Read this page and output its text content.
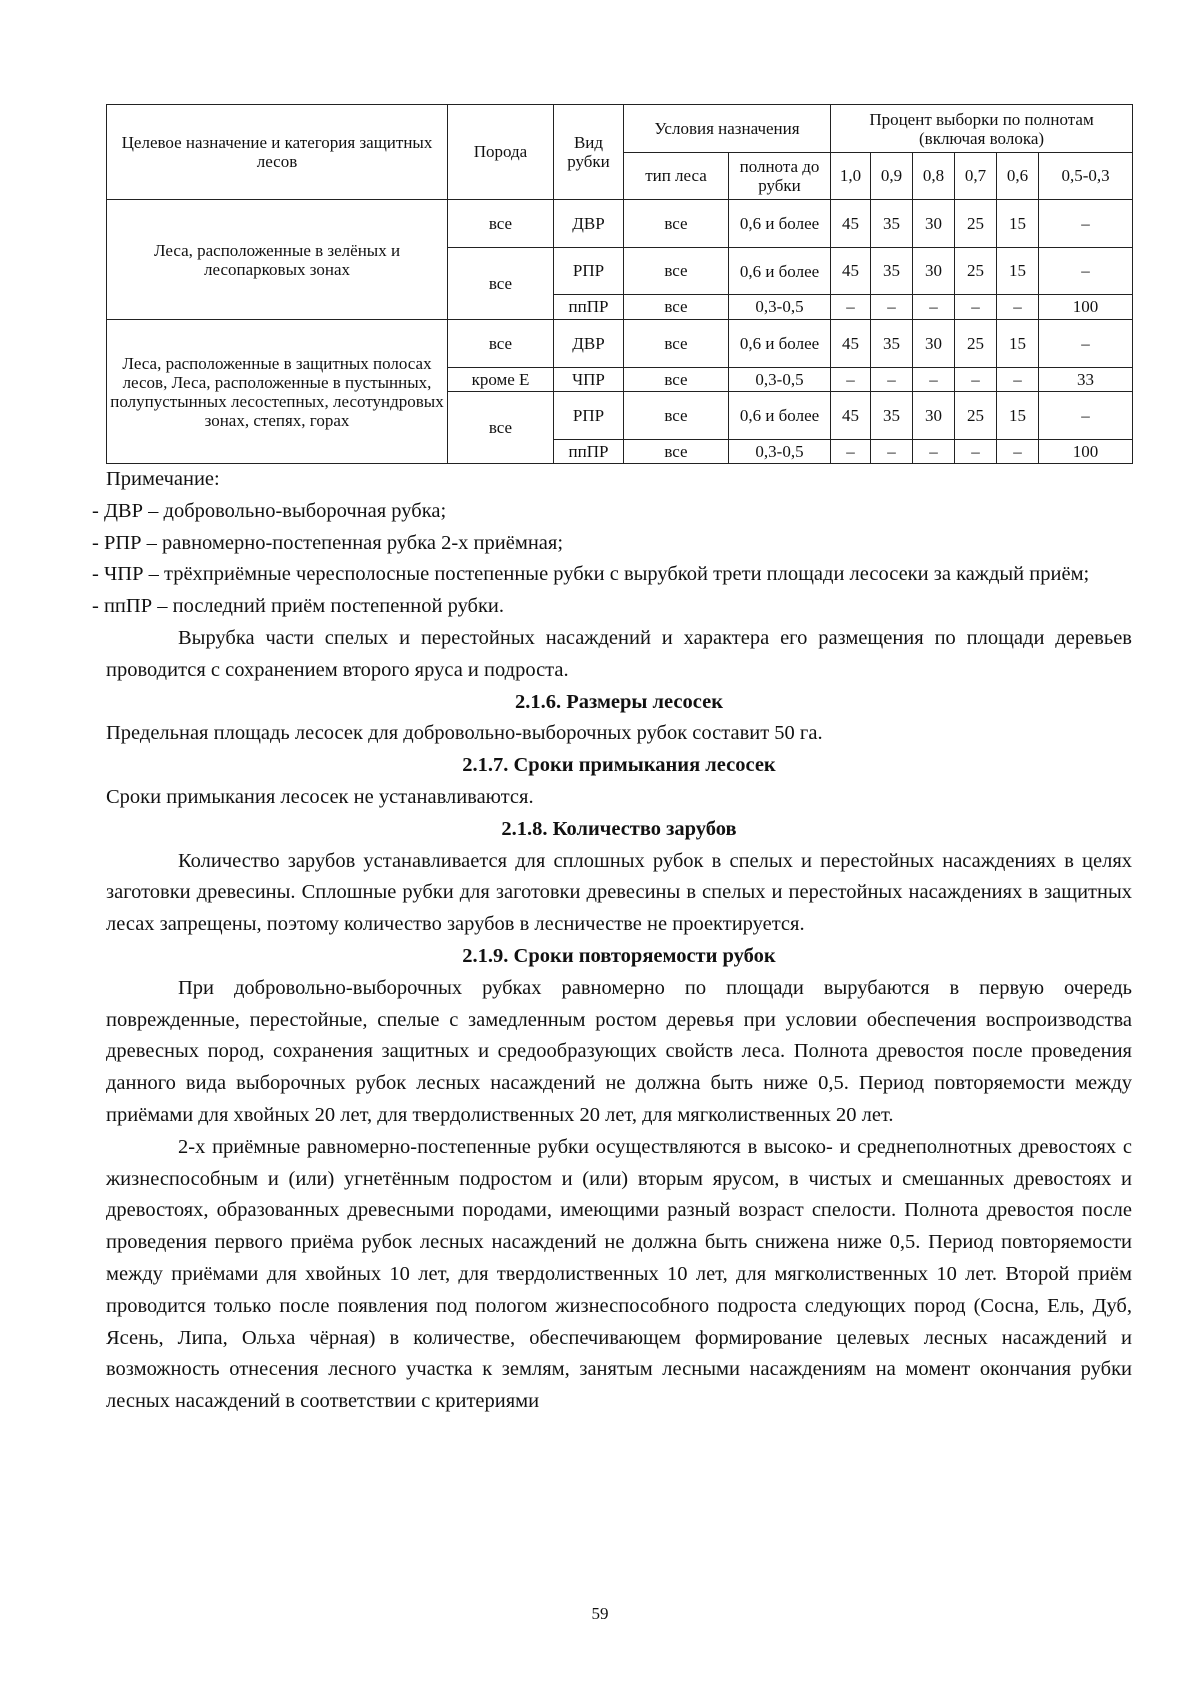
Целевое назначение и категория защитных лесов	Порода	Вид рубки	Условия назначения		Процент выборки по полнотам (включая волока)					
			тип леса	полнота до рубки	1,0	0,9	0,8	0,7	0,6	0,5-0,3
Леса, расположенные в зелёных и лесопарковых зонах	все	ДВР	все	0,6 и более	45	35	30	25	15	–
	все	РПР	все	0,6 и более	45	35	30	25	15	–
		ппПР	все	0,3-0,5	–	–	–	–	–	100
Леса, расположенные в защитных полосах лесов, Леса, расположенные в пустынных, полупустынных лесостепных, лесотундровых зонах, степях, горах	все	ДВР	все	0,6 и более	45	35	30	25	15	–
	кроме Е	ЧПР	все	0,3-0,5	–	–	–	–	–	33
	все	РПР	все	0,6 и более	45	35	30	25	15	–
		ппПР	все	0,3-0,5	–	–	–	–	–	100

Примечание:

- ДВР – добровольно-выборочная рубка;

- РПР – равномерно-постепенная рубка 2-х приёмная;

- ЧПР – трёхприёмные чересполосные постепенные рубки с вырубкой трети площади лесосеки за каждый приём;

- ппПР – последний приём постепенной рубки.

Вырубка части спелых и перестойных насаждений и характера его размещения по площади деревьев проводится с сохранением второго яруса и подроста.

2.1.6. Размеры лесосек

Предельная площадь лесосек для добровольно-выборочных рубок составит 50 га.

2.1.7. Сроки примыкания лесосек

Сроки примыкания лесосек не устанавливаются.

2.1.8. Количество зарубов

Количество зарубов устанавливается для сплошных рубок в спелых и перестойных насаждениях в целях заготовки древесины. Сплошные рубки для заготовки древесины в спелых и перестойных насаждениях в защитных лесах запрещены, поэтому количество зарубов в лесничестве не проектируется.

2.1.9. Сроки повторяемости рубок

При добровольно-выборочных рубках равномерно по площади вырубаются в первую очередь поврежденные, перестойные, спелые с замедленным ростом деревья при условии обеспечения воспроизводства древесных пород, сохранения защитных и средообразующих свойств леса. Полнота древостоя после проведения данного вида выборочных рубок лесных насаждений не должна быть ниже 0,5. Период повторяемости между приёмами для хвойных 20 лет, для твердолиственных 20 лет, для мягколиственных 20 лет.

2-х приёмные равномерно-постепенные рубки осуществляются в высоко- и среднеполнотных древостоях с жизнеспособным и (или) угнетённым подростом и (или) вторым ярусом, в чистых и смешанных древостоях и древостоях, образованных древесными породами, имеющими разный возраст спелости. Полнота древостоя после проведения первого приёма рубок лесных насаждений не должна быть снижена ниже 0,5. Период повторяемости между приёмами для хвойных 10 лет, для твердолиственных 10 лет, для мягколиственных 10 лет. Второй приём проводится только после появления под пологом жизнеспособного подроста следующих пород (Сосна, Ель, Дуб, Ясень, Липа, Ольха чёрная) в количестве, обеспечивающем формирование целевых лесных насаждений и возможность отнесения лесного участка к землям, занятым лесными насаждениям на момент окончания рубки лесных насаждений в соответствии с критериями

59
